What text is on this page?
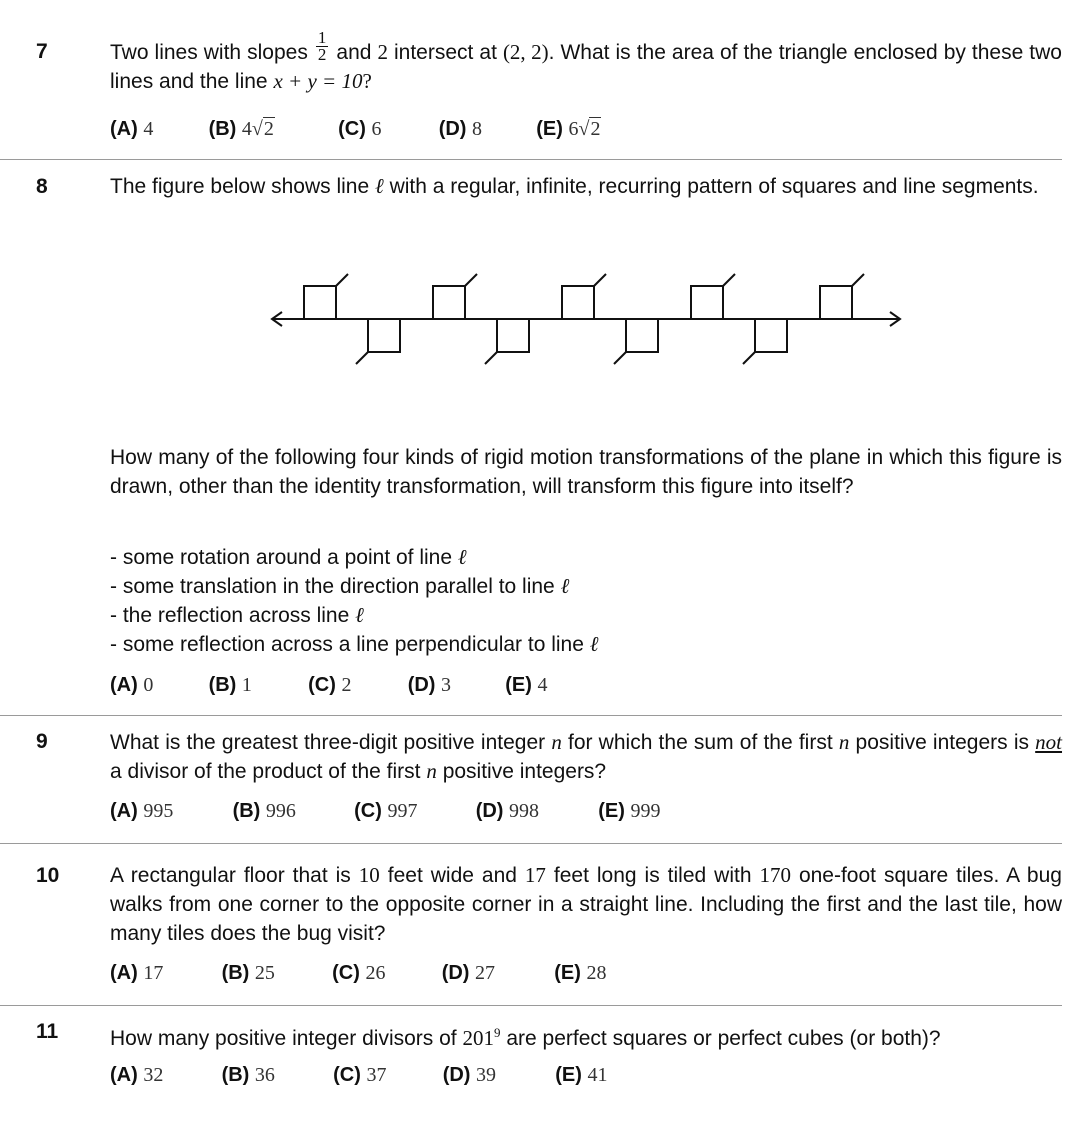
7	Two lines with slopes $\frac{1}{2}$ and 2 intersect at (2, 2). What is the area of the triangle enclosed by these two lines and the line x + y = 10?
(A) 4	(B) 4√2	(C) 6	(D) 8	(E) 6√2
8	The figure below shows line ℓ with a regular, infinite, recurring pattern of squares and line segments.
How many of the following four kinds of rigid motion transformations of the plane in which this figure is drawn, other than the identity transformation, will transform this figure into itself?
- some rotation around a point of line ℓ
- some translation in the direction parallel to line ℓ
- the reflection across line ℓ
- some reflection across a line perpendicular to line ℓ
(A) 0	(B) 1	(C) 2	(D) 3	(E) 4
9	What is the greatest three-digit positive integer n for which the sum of the first n positive integers is not a divisor of the product of the first n positive integers?
(A) 995	(B) 996	(C) 997	(D) 998	(E) 999
10 A rectangular floor that is 10 feet wide and 17 feet long is tiled with 170 one-foot square tiles. A bug walks from one corner to the opposite corner in a straight line. Including the first and the last tile, how many tiles does the bug visit?
(A) 17	(B) 25	(C) 26	(D) 27	(E) 28
11 How many positive integer divisors of $201^9$ are perfect squares or perfect cubes (or both)?
(A) 32	(B) 36	(C) 37	(D) 39	(E) 41
